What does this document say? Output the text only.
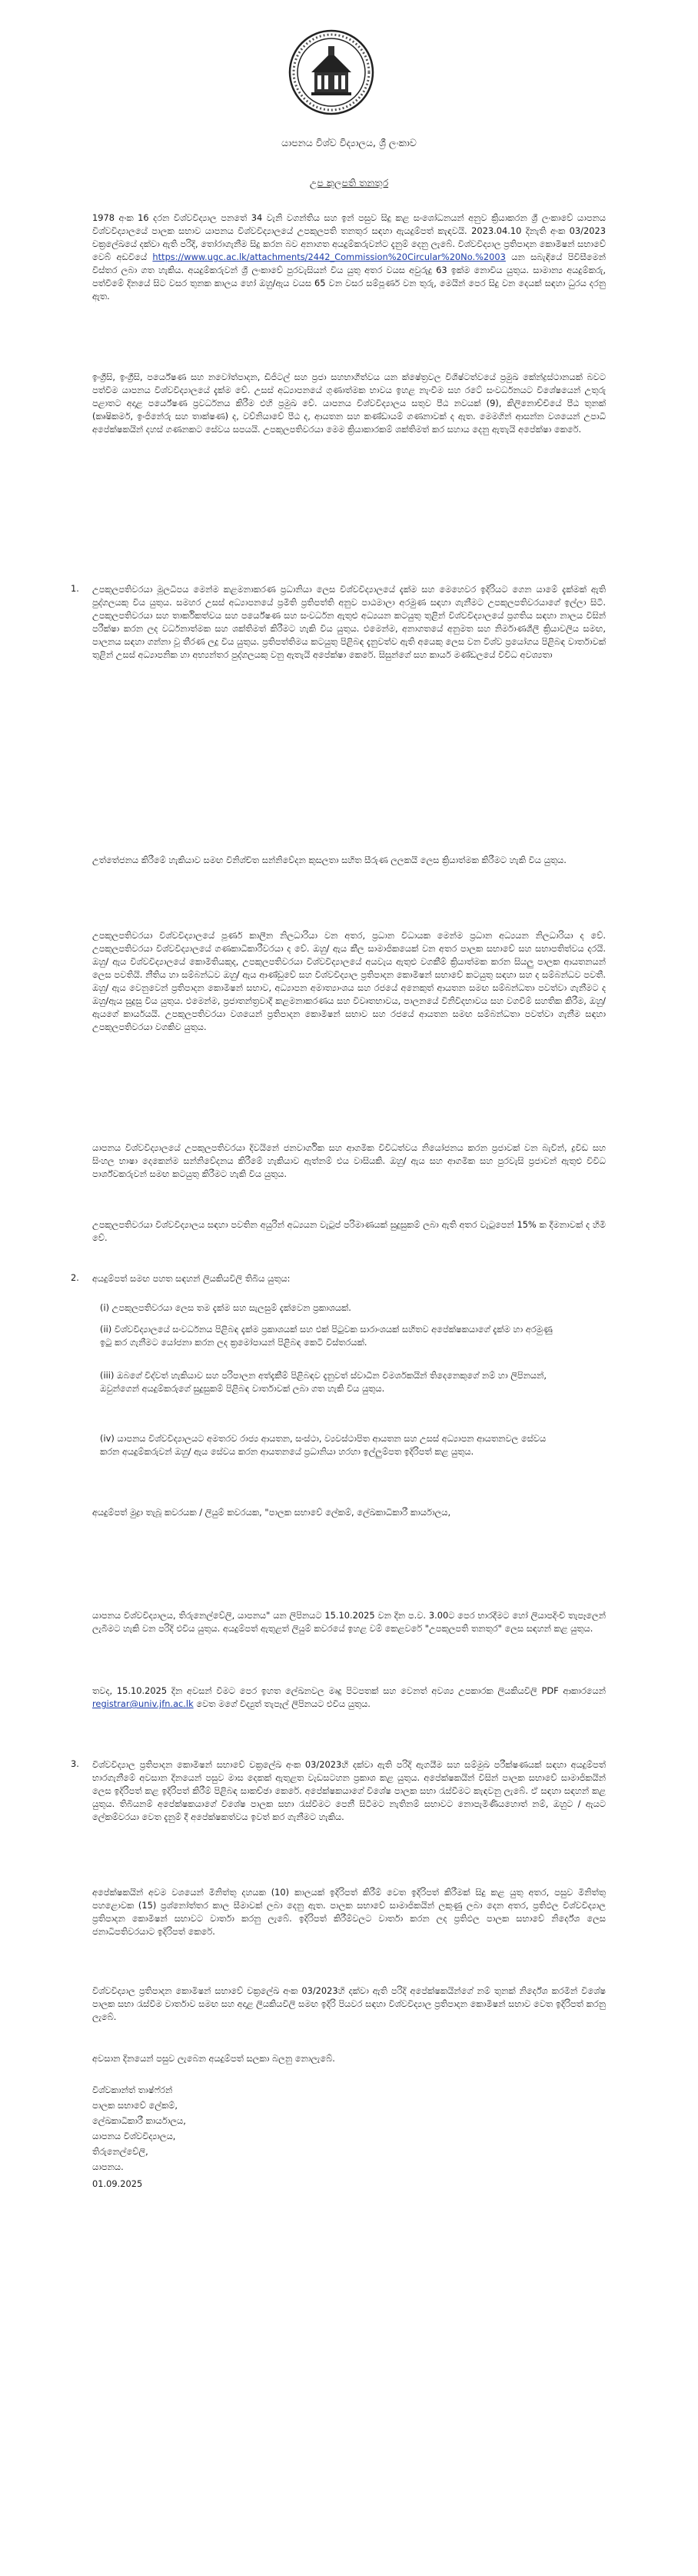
යාපනය විශ්ව විද්‍යාලය, ශ්‍රී ලංකාව
උප කුලපති තනතුර
1978 අංක 16 දරන විශ්වවිද්‍යාල පනතේ 34 වැනි වගන්තිය සහ ඉන් පසුව සිදු කළ සංශෝධනයන් අනුව ක්‍රියාකරන ශ්‍රී ලංකාවේ යාපනය විශ්වවිද්‍යාලයේ පාලක සභාව යාපනය විශ්වවිද්‍යාලයේ උපකුලපති තනතුර සඳහා ඇයදුම්පත් කැඳවයි. 2023.04.10 දිනැති අංක 03/2023 චක්‍රලේඛයේ දක්වා ඇති පරිදි, තෝරාගැනීම සිදු කරන බව අනාගත අයදුම්කරුවන්ට දැනුම් දෙනු ලැබේ. විශ්වවිද්‍යාල ප්‍රතිපාදන කොමිෂන් සභාවේ වෙබ් අඩවියේ https://www.ugc.ac.lk/attachments/2442_Commission%20Circular%20No.%2003 යන සබැඳියේ පිවිසීමෙන් විස්තර ලබා ගත හැකිය. අයදුම්කරුවන් ශ්‍රී ලංකාවේ පුරවැසියන් විය යුතු අතර වයස අවුරුදු 63 ඉක්ම නොවිය යුතුය. සාමාන්‍ය අයදුම්කරු, පත්වීමේ දිනයේ සිට වසර තුනක කාලය හෝ ඔහු/ඇය වයස 65 වන වසර සම්පූර්ණ වන තුරු, මෙයින් පෙර සිදු වන දෙයක් සඳහා ධුරය දරනු ඇත.
ඉංග්‍රීසි, ඉංග්‍රීසි, පර්යේෂණ සහ නවෝත්පාදන, ඩිජිටල් සහ ප්‍රජා සහභාගීත්වය යන ක්ෂේත්‍රවල විශිෂ්ටත්වයේ ප්‍රමුඛ කේන්ද්‍රස්ථානයක් බවට පත්වීම යාපනය විශ්වවිද්‍යාලයේ දැක්ම වේ. උසස් අධ්‍යාපනයේ ගුණාත්මක භාවය ඉහළ නැංවීම සහ රටේ සංවර්ධනයට විශේෂයෙන් උතුරු පළාතට අදාළ පර්යේෂණ ප්‍රවර්ධනය කිරීම එහි ප්‍රමුඛ වේ. යාපනය විශ්වවිද්‍යාලය සතුව පීඨ නවයක් (9), කිලිනොච්චියේ පීඨ තුනක් (කෘෂිකර්ම, ඉංජිනේරු සහ තාක්ෂණ) ද, වව්නියාවේ පීඨ ද, ආයතන සහ කණ්ඩායම් ගණනාවක් ද ඇත. මෙමගින් ආසන්න වශයෙන් උපාධි අපේක්ෂකයින් දහස් ගණනකට සේවය සපයයි. උපකුලපතිවරයා මෙම ක්‍රියාකාරකම් ශක්තිමත් කර සහාය දෙනු ඇතැයි අපේක්ෂා කෙරේ.
1. උපකුලපතිවරයා මූලධිපය මෙන්ම කළමනාකරණ ප්‍රධානියා ලෙස විශ්වවිද්‍යාලයේ දැක්ම සහ මෙහෙවර ඉදිරියට ගෙන යාමේ දැක්මක් ඇති පුද්ගලයකු විය යුතුය. සමහර උසස් අධ්‍යාපනයේ ප්‍රමිති ප්‍රතිපත්ති අනුව පාඨමාලා අරමුණ සඳහා ගැනීමට උපකුලපතිවරයාගේ ඉල්ලා සිටී. උපකුලපතිවරයා සහ තාර්කිකත්වය සහ පර්යේෂණ සහ සංවර්ධන ඇතුළු අධ්‍යයන කටයුතු තුළින් විශ්වවිද්‍යාලයේ ප්‍රගතිය සඳහා නාලය විසින් පරීක්ෂා කරන ලද වර්ධනාත්මක සහ ශක්තිමත් කිරීමට හැකි විය යුතුය. එමෙන්ම, අනාගතයේ අනුමත සහ නිර්මාණශීලී ක්‍රියාවලිය සමඟ, පාලනය සඳහා ගන්නා වූ තීරණ ලදු විය යුතුය. ප්‍රතිපත්තිමය කටයුතු පිළිබඳ දැනුවත්ව ඇති අයෙකු ලෙස වන විශ්ව ප්‍රයෝගය පිළිබඳ වාර්තාවක් තුළින් උසස් අධ්‍යාපනික හා අභ්‍යන්තර පුද්ගලයකු වනු ඇතැයි අපේක්ෂා කෙරේ. සිසුන්ගේ සහ කාර්ය මණ්ඩලයේ විවිධ අවශ්‍යතා
උත්තේජනය කිරීමේ හැකියාව සමඟ විනිශ්චිත සන්නිවේදන කුසලතා සහිත සීරුණ ලලකයි ලෙස ක්‍රියාත්මක කිරීමට හැකි විය යුතුය.
උපකුලපතිවරයා විශ්වවිද්‍යාලයේ පූර්ණ කාලීන නිලධාරියා වන අතර, ප්‍රධාන විධායක මෙන්ම ප්‍රධාන අධ්‍යයන නිලධාරියා ද වේ. උපකුලපතිවරයා විශ්වවිද්‍යාලයේ ගණකාධිකාරීවරයා ද වේ. ඔහු/ ඇය කීල සාමාජිකයෙක් වන අතර පාලක සභාවේ සහ සභාපතිත්වය දරයි. ඔහු/ ඇය විශ්වවිද්‍යාලයේ කොමිතියකුද, උපකුලපතිවරයා විශ්වවිද්‍යාලයේ අයවැය ඇතුළු වගකීම් ක්‍රියාත්මක කරන සියලු පාලක ආයතනයන් ලෙස පවතියි. නීතිය හා සම්බන්ධව ඔහු/ ඇය ආණ්ඩුවේ සහ විශ්වවිද්‍යාල ප්‍රතිපාදන කොමිෂන් සභාවේ කටයුතු සඳහා සහ ද සම්බන්ධව පවතී. ඔහු/ ඇය වෙනුවෙන් ප්‍රතිපාදන කොමිෂන් සභාව, අධ්‍යාපන අමාත්‍යාංශය සහ රජයේ අනෙකුත් ආයතන සමඟ සම්බන්ධතා පවත්වා ගැනීමට ද ඔහු/ඇය සුදුසු විය යුතුය. එමෙන්ම, ප්‍රජාතන්ත්‍රවාදී කළමනාකරණය සහ විවෘතභාවය, පාලනයේ විනිවිදභාවය සහ වගවීම් සහතික කිරීම, ඔහු/ ඇයගේ කාර්යයයි. උපකුලපතිවරයා වශයෙන් ප්‍රතිපාදන කොමිෂන් සභාව සහ රජයේ ආයතන සමඟ සම්බන්ධතා පවත්වා ගැනීම සඳහා උපකුලපතිවරයා වගකිව යුතුය.
යාපනය විශ්වවිද්‍යාලයේ උපකුලපතිවරයා දිවයිනේ ජනවාර්ගික සහ ආගමික විවිධත්වය නියෝජනය කරන ප්‍රජාවක් වන බැවින්, ද්‍රවිඩ සහ සිංහල භාෂා දෙකෙන්ම සන්නිවේදනය කිරීමේ හැකියාව ඇත්නම් එය වාසියකි. ඔහු/ ඇය සහ ආගමික සහ පුරවැසි ප්‍රජාවන් ඇතුළු විවිධ පාර්ශ්වකරුවන් සමඟ කටයුතු කිරීමට හැකි විය යුතුය.
උපකුලපතිවරයා විශ්වවිද්‍යාලය සඳහා පවතින අයුරින් අධ්‍යයන වැටුප් පරිමාණයක් සුදුසුකම් ලබා ඇති අතර වැටුපෙන් 15% ක දීමනාවක් ද හිමි වේ.
2. අයදුම්පත් සමඟ පහත සඳහන් ලියකියවිලි තිබිය යුතුය:
(i) උපකුලපතිවරයා ලෙස තම දැක්ම සහ සැලසුම් දැක්වෙන ප්‍රකාශයක්.
(ii) විශ්වවිද්‍යාලයේ සංවර්ධනය පිළිබඳ දැක්ම ප්‍රකාශයක් සහ එක් පිටුවක සාරාංශයක් සහිතව අපේක්ෂකයාගේ දැක්ම හා අරමුණු ඉටු කර ගැනීමට යෝජනා කරන ලද ක්‍රමෝපායන් පිළිබඳ කෙටි විස්තරයක්.
(iii) ඔබගේ විද්වත් හැකියාව සහ පරිපාලන අත්දැකීම් පිළිබඳව දැනුවත් ස්වාධීන විමර්ශකයින් තිදෙනෙකුගේ නම් හා ලිපිනයන්, ඔවුන්ගෙන් අයදුම්කරුගේ සුදුසුකම් පිළිබඳ වාර්තාවක් ලබා ගත හැකි විය යුතුය.
(iv) යාපනය විශ්වවිද්‍යාලයට අමතරව රාජ්‍ය ආයතන, සංස්ථා, ව්‍යවස්ථාපිත ආයතන සහ උසස් අධ්‍යාපන ආයතනවල සේවය කරන අයදුම්කරුවන් ඔහු/ ඇය සේවය කරන ආයතනයේ ප්‍රධානියා හරහා ඉල්ලුම්පත ඉදිරිපත් කළ යුතුය.
අයදුම්පත් මුද්‍රා තැබූ කවරයක / ලියුම් කවරයක, "පාලක සභාවේ ලේකම්, ලේඛකාධිකාරී කාර්යාලය,
යාපනය විශ්වවිද්‍යාලය, තිරුනෙල්වේලි, යාපනය" යන ලිපිනයට 15.10.2025 වන දින ප.ව. 3.00ට පෙර භාරදීමට හෝ ලියාපදිංචි තැපෑලෙන් ලැබීමට හැකි වන පරිදි එවිය යුතුය. අයදුම්පත් ඇතුළත් ලියුම් කවරයේ ඉහළ වම් කෙළවරේ "උපකුලපති තනතුර" ලෙස සඳහන් කළ යුතුය.
තවද, 15.10.2025 දින අවසන් වීමට පෙර ඉහත ලේඛනවල මෘදු පිටපතක් සහ වෙනත් අවශ්‍ය උපකාරක ලියකියවිලි PDF ආකාරයෙන් registrar@univ.jfn.ac.lk වෙත මගේ විද්‍යුත් තැපෑල් ලිපිනයට එවිය යුතුය.
3. විශ්වවිද්‍යාල ප්‍රතිපාදන කොමිෂන් සභාවේ චක්‍රලේඛ අංක 03/2023හි දක්වා ඇති පරිදි ඇගයීම සහ සම්මුඛ පරීක්ෂණයක් සඳහා අයදුම්පත් භාරගැනීමේ අවසාන දිනයෙන් පසුව මාස දෙකක් ඇතුළත වැඩසටහන ප්‍රකාශ කළ යුතුය. අපේක්ෂකයින් විසින් පාලක සභාවේ සාමාජිකයින් ලෙස ඉදිරිපත් කළ ඉදිරිපත් කිරීම් පිළිබඳ සාකච්ඡා කෙරේ. අපේක්ෂකයාගේ විශේෂ පාලක සභා රැස්වීමට කැඳවනු ලැබේ. ඒ සඳහා සඳහන් කළ යුතුය. තිබියනම් අපේක්ෂකයාගේ විශේෂ පාලක සභා රැස්වීමට පෙනී සිටීමට නැතිනම් සභාවට නොපැමිණියහොත් නම්, ඔහුට / ඇයට ලේකම්වරයා වෙත දැනුම් දී අපේක්ෂකත්වය ඉවත් කර ගැනීමට හැකිය.
අපේක්ෂකයින් අවම වශයෙන් මිනිත්තු දහයක (10) කාලයක් ඉදිරිපත් කිරීම් වෙත ඉදිරිපත් කිරීමක් සිදු කළ යුතු අතර, පසුව මිනිත්තු පහළොවක (15) ප්‍රශ්නෝත්තර කාල සීමාවක් ලබා දෙනු ඇත. පාලක සභාවේ සාමාජිකයින් ලකුණු ලබා දෙන අතර, ප්‍රතිඵල විශ්වවිද්‍යාල ප්‍රතිපාදන කොමිෂන් සභාවට වාර්තා කරනු ලැබේ. ඉදිරිපත් කිරීම්වලට වාර්තා කරන ලද ප්‍රතිඵල පාලක සභාවේ නිර්දේශ ලෙස ජනාධිපතිවරයාට ඉදිරිපත් කෙරේ.
විශ්වවිද්‍යාල ප්‍රතිපාදන කොමිෂන් සභාවේ චක්‍රලේඛ අංක 03/2023හි දක්වා ඇති පරිදි අපේක්ෂකයින්ගේ නම් තුනක් නිර්දේශ කරමින් විශේෂ පාලක සභා රැස්වීම වාර්තාව සමඟ සහ අදාළ ලියකියවිලි සමඟ ඉදිරි පියවර සඳහා විශ්වවිද්‍යාල ප්‍රතිපාදන කොමිෂන් සභාව වෙත ඉදිරිපත් කරනු ලැබේ.
අවසාන දිනයෙන් පසුව ලැබෙන අයදුම්පත් සලකා බලනු නොලැබේ.
විශ්වකාන්ත් තාෂ්ෆ්රන්
පාලක සභාවේ ලේකම්,
ලේඛකාධිකාරී කාර්යාලය,
යාපනය විශ්වවිද්‍යාලය,
තිරුනෙල්වේලි,
යාපනය.
01.09.2025
